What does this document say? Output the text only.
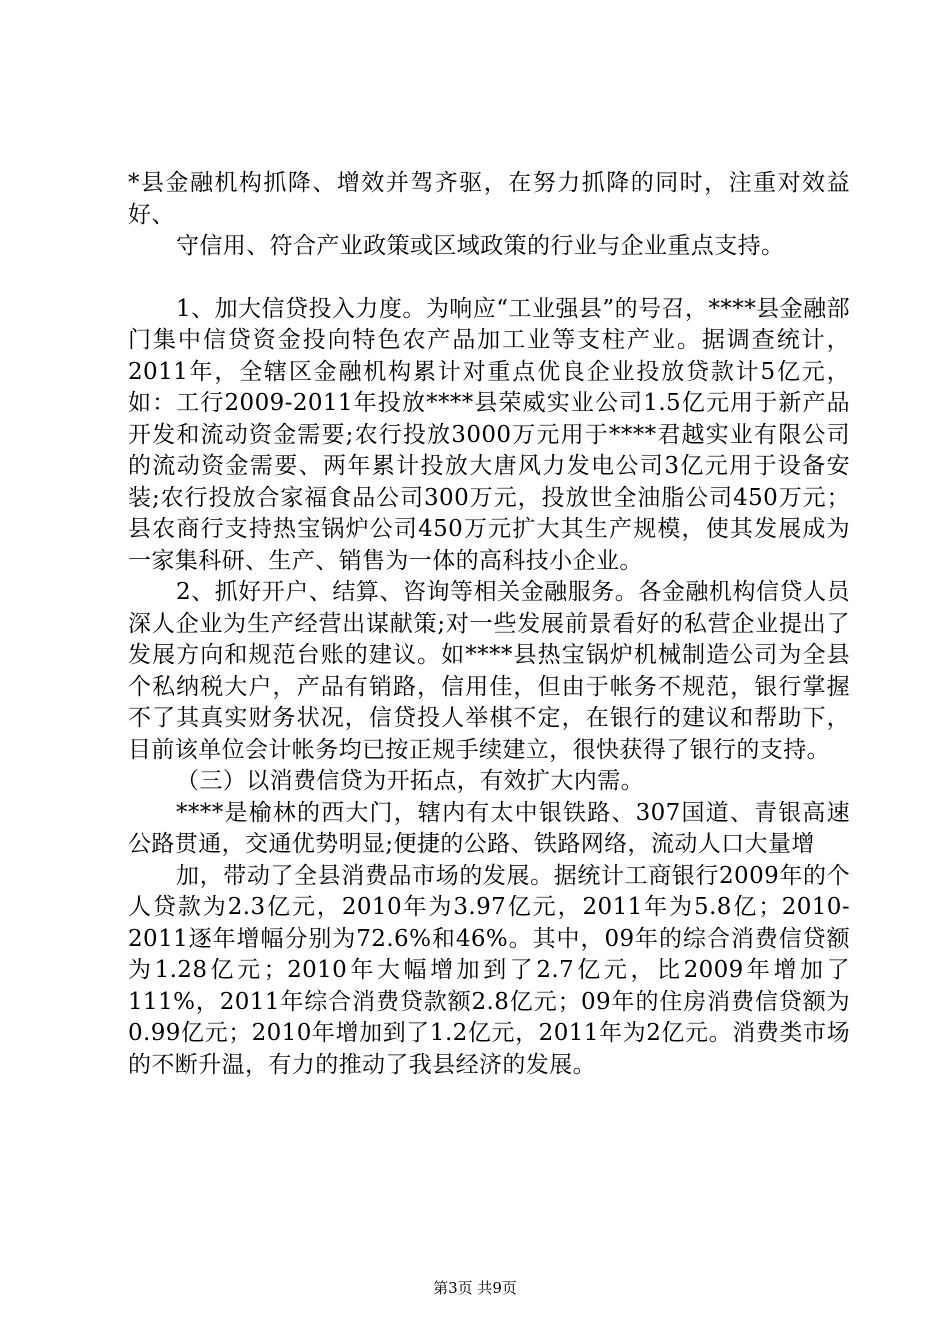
*县金融机构抓降、增效并驾齐驱，在努力抓降的同时，注重对效益好、

守信用、符合产业政策或区域政策的行业与企业重点支持。

1、加大信贷投入力度。为响应“工业强县”的号召，****县金融部门集中信贷资金投向特色农产品加工业等支柱产业。据调查统计，2011年，全辖区金融机构累计对重点优良企业投放贷款计5亿元，如：工行2009-2011年投放****县荣威实业公司1.5亿元用于新产品开发和流动资金需要;农行投放3000万元用于****君越实业有限公司的流动资金需要、两年累计投放大唐风力发电公司3亿元用于设备安装;农行投放合家福食品公司300万元，投放世全油脂公司450万元；县农商行支持热宝锅炉公司450万元扩大其生产规模，使其发展成为一家集科研、生产、销售为一体的高科技小企业。

2、抓好开户、结算、咨询等相关金融服务。各金融机构信贷人员深人企业为生产经营出谋献策;对一些发展前景看好的私营企业提出了发展方向和规范台账的建议。如****县热宝锅炉机械制造公司为全县个私纳税大户，产品有销路，信用佳，但由于帐务不规范，银行掌握不了其真实财务状况，信贷投人举棋不定，在银行的建议和帮助下，目前该单位会计帐务均已按正规手续建立，很快获得了银行的支持。

（三）以消费信贷为开拓点，有效扩大内需。

****是榆林的西大门，辖内有太中银铁路、307国道、青银高速公路贯通，交通优势明显;便捷的公路、铁路网络，流动人口大量增

加，带动了全县消费品市场的发展。据统计工商银行2009年的个人贷款为2.3亿元，2010年为3.97亿元，2011年为5.8亿；2010-2011逐年增幅分别为72.6%和46%。其中，09年的综合消费信贷额为1.28亿元；2010年大幅增加到了2.7亿元，比2009年增加了111%，2011年综合消费贷款额2.8亿元；09年的住房消费信贷额为0.99亿元；2010年增加到了1.2亿元，2011年为2亿元。消费类市场的不断升温，有力的推动了我县经济的发展。

第3页 共9页
